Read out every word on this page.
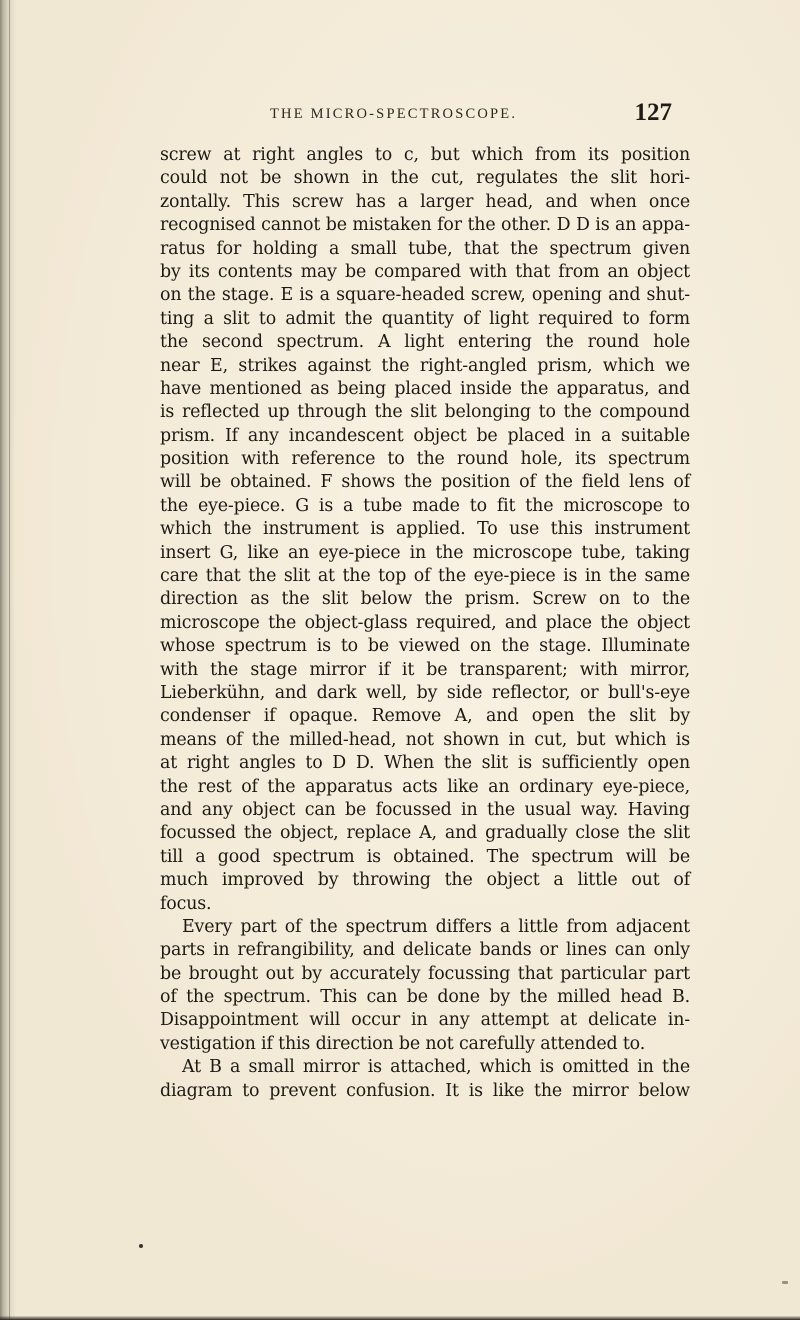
THE MICRO-SPECTROSCOPE.	127
screw at right angles to c, but which from its position
could not be shown in the cut, regulates the slit hori-
zontally. This screw has a larger head, and when once
recognised cannot be mistaken for the other. D D is an appa-
ratus for holding a small tube, that the spectrum given
by its contents may be compared with that from an object
on the stage. E is a square-headed screw, opening and shut-
ting a slit to admit the quantity of light required to form
the second spectrum. A light entering the round hole
near E, strikes against the right-angled prism, which we
have mentioned as being placed inside the apparatus, and
is reflected up through the slit belonging to the compound
prism. If any incandescent object be placed in a suitable
position with reference to the round hole, its spectrum
will be obtained. F shows the position of the field lens of
the eye-piece. G is a tube made to fit the microscope to
which the instrument is applied. To use this instrument
insert G, like an eye-piece in the microscope tube, taking
care that the slit at the top of the eye-piece is in the same
direction as the slit below the prism. Screw on to the
microscope the object-glass required, and place the object
whose spectrum is to be viewed on the stage. Illuminate
with the stage mirror if it be transparent; with mirror,
Lieberkühn, and dark well, by side reflector, or bull's-eye
condenser if opaque. Remove A, and open the slit by
means of the milled-head, not shown in cut, but which is
at right angles to D D. When the slit is sufficiently open
the rest of the apparatus acts like an ordinary eye-piece,
and any object can be focussed in the usual way. Having
focussed the object, replace A, and gradually close the slit
till a good spectrum is obtained. The spectrum will be
much improved by throwing the object a little out of
focus.
Every part of the spectrum differs a little from adjacent
parts in refrangibility, and delicate bands or lines can only
be brought out by accurately focussing that particular part
of the spectrum. This can be done by the milled head B.
Disappointment will occur in any attempt at delicate in-
vestigation if this direction be not carefully attended to.
At B a small mirror is attached, which is omitted in the
diagram to prevent confusion. It is like the mirror below
